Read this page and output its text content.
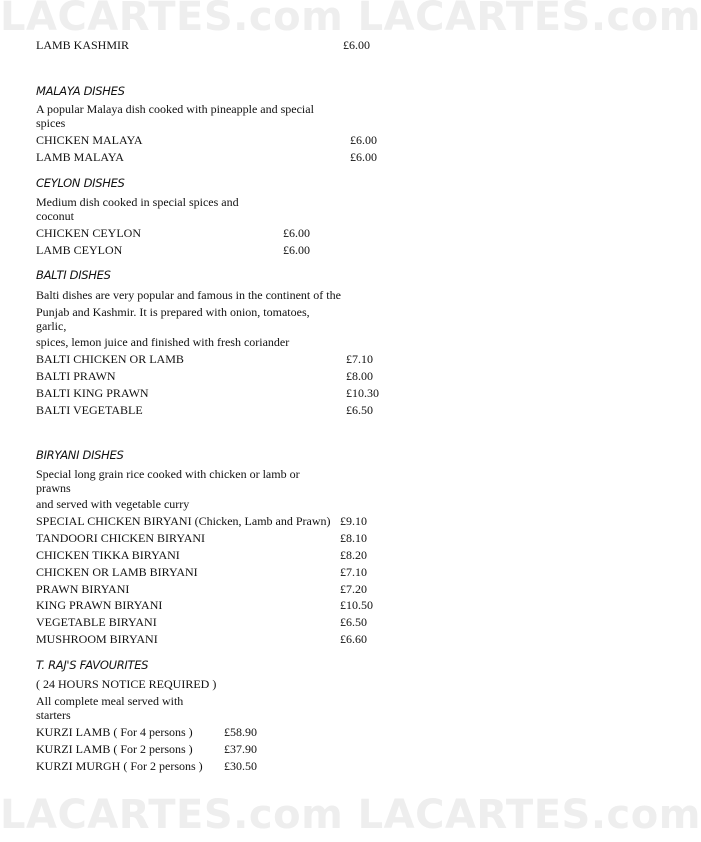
LACARTES.com LACARTES.com
LACARTES.com LACARTES.com
LAMB KASHMIR	£6.00
MALAYA DISHES
A popular Malaya dish cooked with pineapple and special
spices
CHICKEN MALAYA	£6.00
LAMB MALAYA	£6.00
CEYLON DISHES
Medium dish cooked in special spices and
coconut
CHICKEN CEYLON	£6.00
LAMB CEYLON	£6.00
BALTI DISHES
Balti dishes are very popular and famous in the continent of the
Punjab and Kashmir. It is prepared with onion, tomatoes,
garlic,
spices, lemon juice and finished with fresh coriander
BALTI CHICKEN OR LAMB	£7.10
BALTI PRAWN	£8.00
BALTI KING PRAWN	£10.30
BALTI VEGETABLE	£6.50
BIRYANI DISHES
Special long grain rice cooked with chicken or lamb or
prawns
and served with vegetable curry
SPECIAL CHICKEN BIRYANI (Chicken, Lamb and Prawn) £9.10
TANDOORI CHICKEN BIRYANI	£8.10
CHICKEN TIKKA BIRYANI	£8.20
CHICKEN OR LAMB BIRYANI	£7.10
PRAWN BIRYANI	£7.20
KING PRAWN BIRYANI	£10.50
VEGETABLE BIRYANI	£6.50
MUSHROOM BIRYANI	£6.60
T. RAJ'S FAVOURITES
( 24 HOURS NOTICE REQUIRED )
All complete meal served with
starters
KURZI LAMB ( For 4 persons )	£58.90
KURZI LAMB ( For 2 persons )	£37.90
KURZI MURGH ( For 2 persons ) £30.50
